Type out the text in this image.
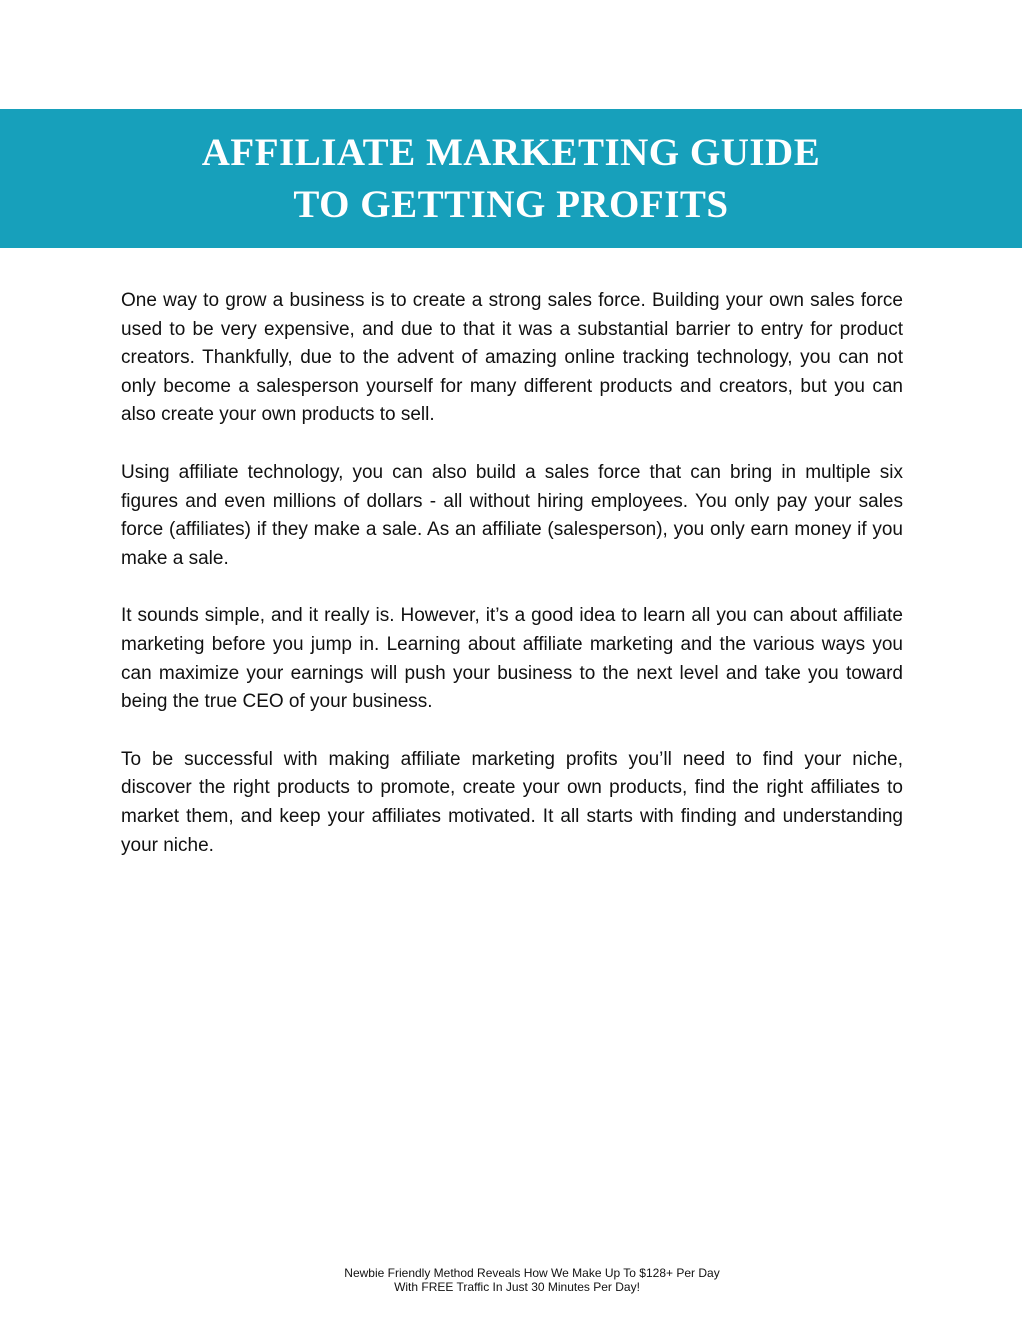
AFFILIATE MARKETING GUIDE
TO GETTING PROFITS

One way to grow a business is to create a strong sales force. Building your own sales force used to be very expensive, and due to that it was a substantial barrier to entry for product creators. Thankfully, due to the advent of amazing online tracking technology, you can not only become a salesperson yourself for many different products and creators, but you can also create your own products to sell.

Using affiliate technology, you can also build a sales force that can bring in multiple six figures and even millions of dollars - all without hiring employees. You only pay your sales force (affiliates) if they make a sale. As an affiliate (salesperson), you only earn money if you make a sale.

It sounds simple, and it really is. However, it’s a good idea to learn all you can about affiliate marketing before you jump in. Learning about affiliate marketing and the various ways you can maximize your earnings will push your business to the next level and take you toward being the true CEO of your business.

To be successful with making affiliate marketing profits you’ll need to find your niche, discover the right products to promote, create your own products, find the right affiliates to market them, and keep your affiliates motivated. It all starts with finding and understanding your niche.

Newbie Friendly Method Reveals How We Make Up To $128+ Per Day
With FREE Traffic In Just 30 Minutes Per Day!
